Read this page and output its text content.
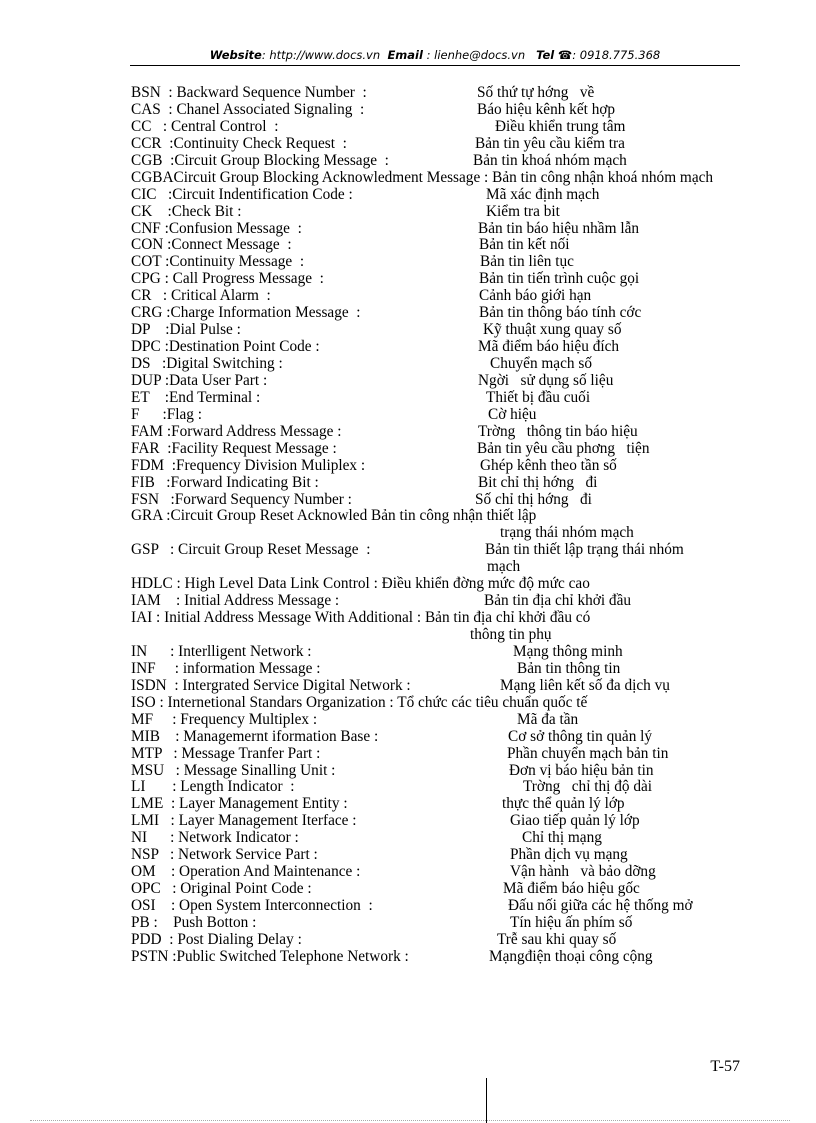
Website: http://www.docs.vn Email : lienhe@docs.vn Tel ☎: 0918.775.368
BSN  : Backward Sequence Number  :	Số thứ tự hớng   về
CAS  : Chanel Associated Signaling  :	Báo hiệu kênh kết hợp
CC   : Central Control  :	Điều khiển trung tâm
CCR  :Continuity Check Request  :	Bản tin yêu cầu kiểm tra
CGB  :Circuit Group Blocking Message  :	Bản tin khoá nhóm mạch
CGBACircuit Group Blocking Acknowledment Message : Bản tin công nhận khoá nhóm mạch
CIC   :Circuit Indentification Code :	Mã xác định mạch
CK    :Check Bit :	Kiểm tra bit
CNF :Confusion Message  :	Bản tin báo hiệu nhầm lẫn
CON :Connect Message  :	Bản tin kết nối
COT :Continuity Message  :	Bản tin liên tục
CPG : Call Progress Message  :	Bản tin tiến trình cuộc gọi
CR   : Critical Alarm  :	Cảnh báo giới hạn
CRG :Charge Information Message  :	Bản tin thông báo tính cớc
DP    :Dial Pulse :	Kỹ thuật xung quay số
DPC :Destination Point Code :	Mã điểm báo hiệu đích
DS   :Digital Switching :	Chuyển mạch số
DUP :Data User Part :	Ngời   sử dụng số liệu
ET    :End Terminal :	Thiết bị đầu cuối
F      :Flag :	Cờ hiệu
FAM :Forward Address Message :	Trờng   thông tin báo hiệu
FAR  :Facility Request Message :	Bản tin yêu cầu phơng   tiện
FDM  :Frequency Division Muliplex :	Ghép kênh theo tần số
FIB   :Forward Indicating Bit :	Bit chỉ thị hớng   đi
FSN   :Forward Sequency Number :	Số chỉ thị hớng   đi
GRA :Circuit Group Reset Acknowled Bản tin công nhận thiết lập
trạng thái nhóm mạch
GSP   : Circuit Group Reset Message  :	Bản tin thiết lập trạng thái nhóm
mạch
HDLC : High Level Data Link Control : Điều khiển đờng mức độ mức cao
IAM    : Initial Address Message :	Bản tin địa chỉ khởi đầu
IAI : Initial Address Message With Additional : Bản tin địa chỉ khởi đầu có
thông tin phụ
IN      : Interlligent Network :	Mạng thông minh
INF     : information Message :	Bản tin thông tin
ISDN  : Intergrated Service Digital Network :	Mạng liên kết số đa dịch vụ
ISO : Internetional Standars Organization : Tổ chức các tiêu chuẩn quốc tế
MF     : Frequency Multiplex :	Mã đa tần
MIB    : Managemernt iformation Base :	Cơ sở thông tin quản lý
MTP   : Message Tranfer Part :	Phần chuyển mạch bản tin
MSU   : Message Sinalling Unit :	Đơn vị báo hiệu bản tin
LI       : Length Indicator  :	Trờng   chỉ thị độ dài
LME  : Layer Management Entity :	thực thể quản lý lớp
LMI   : Layer Management Iterface :	Giao tiếp quản lý lớp
NI      : Network Indicator :	Chỉ thị mạng
NSP   : Network Service Part :	Phần dịch vụ mạng
OM    : Operation And Maintenance :	Vận hành   và bảo dỡng
OPC   : Original Point Code :	Mã điểm báo hiệu gốc
OSI    : Open System Interconnection  :	Đấu nối giữa các hệ thống mở
PB :    Push Botton :	Tín hiệu ấn phím số
PDD  : Post Dialing Delay :	Trễ sau khi quay số
PSTN :Public Switched Telephone Network :	Mạngđiện thoại công cộng
T-57
